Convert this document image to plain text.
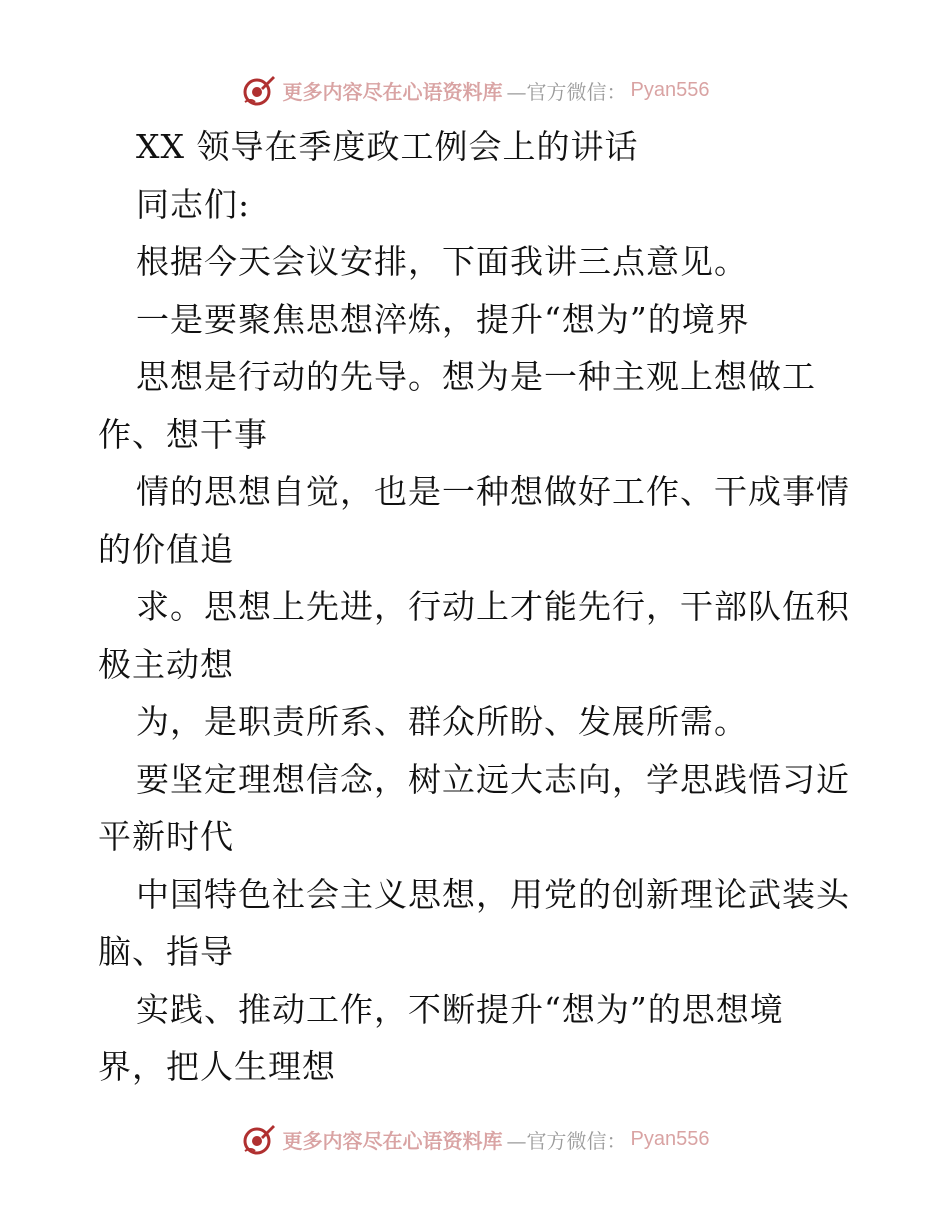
更多内容尽在心语资料库 —官方微信： Pyan556
XX 领导在季度政工例会上的讲话
同志们:
根据今天会议安排，下面我讲三点意见。
一是要聚焦思想淬炼，提升“想为”的境界
思想是行动的先导。想为是一种主观上想做工
作、想干事
情的思想自觉，也是一种想做好工作、干成事情
的价值追
求。思想上先进，行动上才能先行，干部队伍积
极主动想
为，是职责所系、群众所盼、发展所需。
要坚定理想信念，树立远大志向，学思践悟习近
平新时代
中国特色社会主义思想，用党的创新理论武装头
脑、指导
实践、推动工作，不断提升“想为”的思想境
界，把人生理想
更多内容尽在心语资料库 —官方微信： Pyan556
